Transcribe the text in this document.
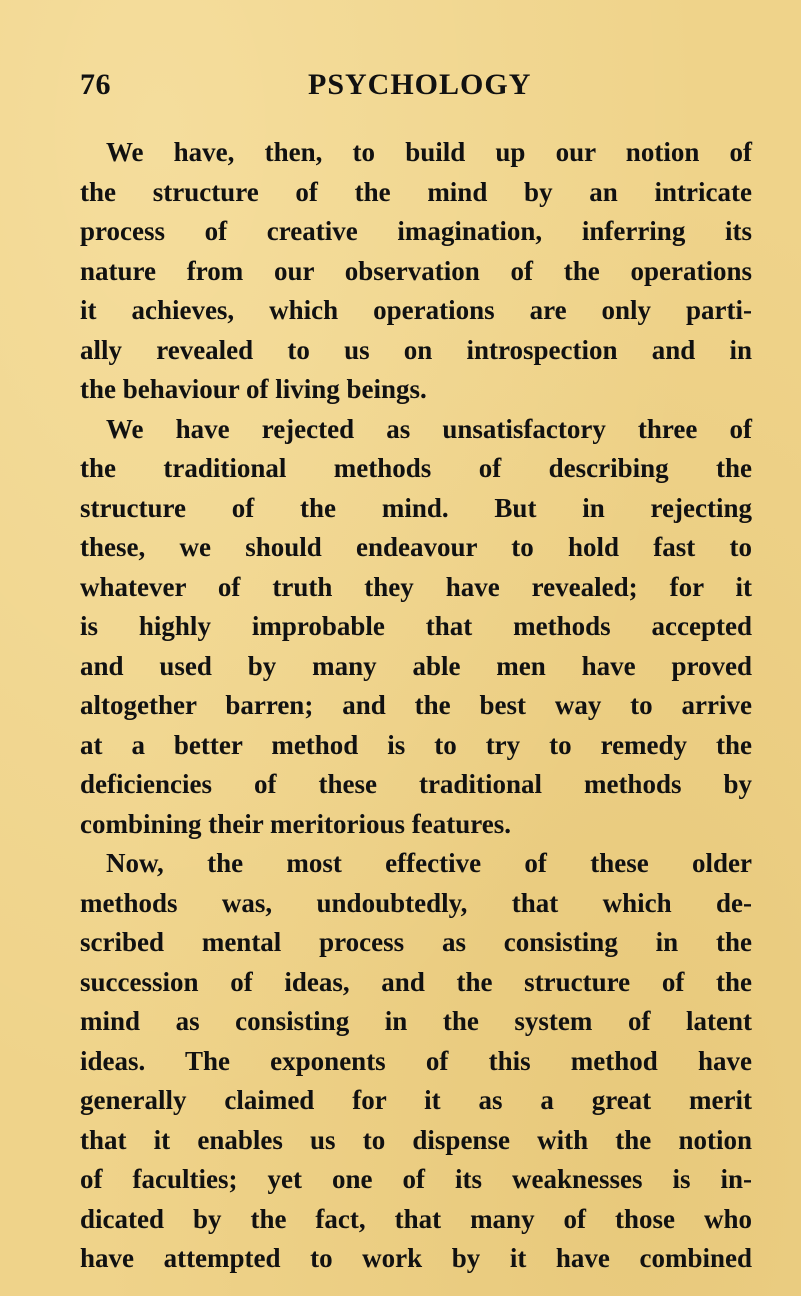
76	PSYCHOLOGY
We have, then, to build up our notion of
the structure of the mind by an intricate
process of creative imagination, inferring its
nature from our observation of the operations
it achieves, which operations are only parti-
ally revealed to us on introspection and in
the behaviour of living beings.
We have rejected as unsatisfactory three of
the traditional methods of describing the
structure of the mind. But in rejecting
these, we should endeavour to hold fast to
whatever of truth they have revealed; for it
is highly improbable that methods accepted
and used by many able men have proved
altogether barren; and the best way to arrive
at a better method is to try to remedy the
deficiencies of these traditional methods by
combining their meritorious features.
Now, the most effective of these older
methods was, undoubtedly, that which de-
scribed mental process as consisting in the
succession of ideas, and the structure of the
mind as consisting in the system of latent
ideas. The exponents of this method have
generally claimed for it as a great merit
that it enables us to dispense with the notion
of faculties; yet one of its weaknesses is in-
dicated by the fact, that many of those who
have attempted to work by it have combined
